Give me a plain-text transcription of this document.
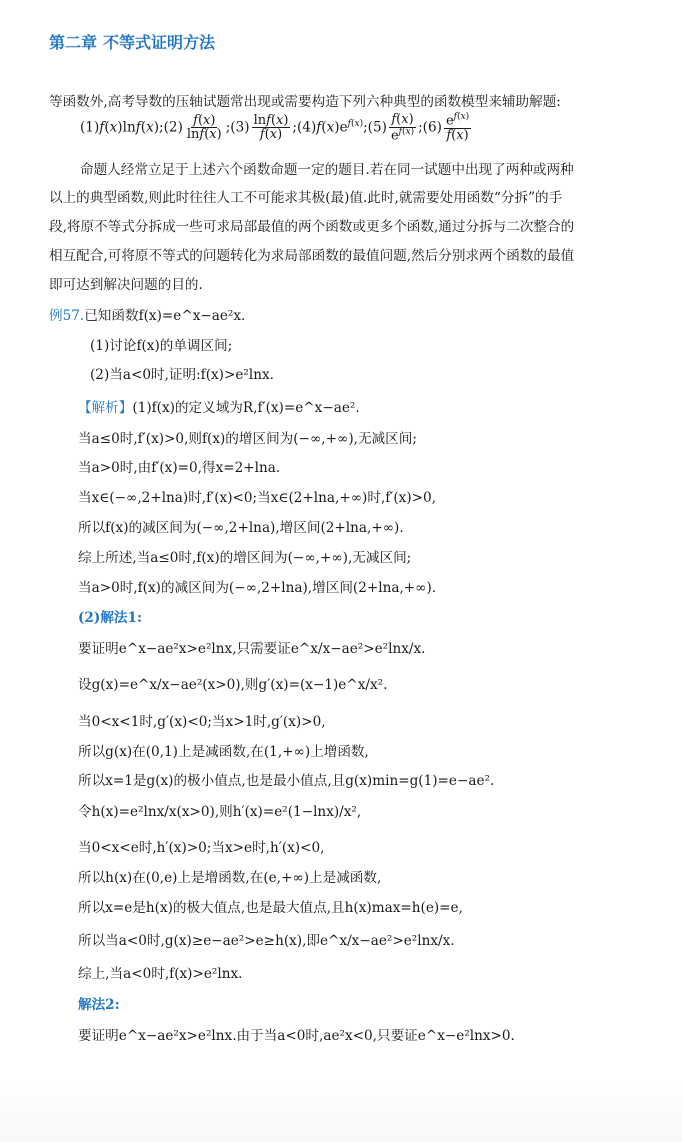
第二章 不等式证明方法
等函数外,高考导数的压轴试题常出现或需要构造下列六种典型的函数模型来辅助解题:
(1)f(x)lnf(x);(2) $\frac{f(x)}{\ln f(x)}$ ;(3) $\frac{\ln f(x)}{f(x)}$ $;(4)f(x)e^{f(x)};(5) \frac{f(x)}{e^{f(x)}}$ ;(6) $\frac{e^{f(x)}}{f(x)}$
命题人经常立足于上述六个函数命题一定的题目.若在同一试题中出现了两种或两种
以上的典型函数,则此时往往人工不可能求其极(最)值.此时,就需要处用函数“分拆”的手
段,将原不等式分拆成一些可求局部最值的两个函数或更多个函数,通过分拆与二次整合的
相互配合,可将原不等式的问题转化为求局部函数的最值问题,然后分别求两个函数的最值
即可达到解决问题的目的.
例57.已知函数f(x)=e^x−ae²x.
(1)讨论f(x)的单调区间;
(2)当a<0时,证明:f(x)>e²lnx.
【解析】(1)f(x)的定义域为R,f′(x)=e^x−ae².
当a≤0时,f′(x)>0,则f(x)的增区间为(−∞,+∞),无减区间;
当a>0时,由f′(x)=0,得x=2+lna.
当x∈(−∞,2+lna)时,f′(x)<0;当x∈(2+lna,+∞)时,f′(x)>0,
所以f(x)的减区间为(−∞,2+lna),增区间(2+lna,+∞).
综上所述,当a≤0时,f(x)的增区间为(−∞,+∞),无减区间;
当a>0时,f(x)的减区间为(−∞,2+lna),增区间(2+lna,+∞).
(2)解法1:
要证明e^x−ae²x>e²lnx,只需要证e^x/x−ae²>e²lnx/x.
设g(x)=e^x/x−ae²(x>0),则g′(x)=(x−1)e^x/x².
当0<x<1时,g′(x)<0;当x>1时,g′(x)>0,
所以g(x)在(0,1)上是减函数,在(1,+∞)上增函数,
所以x=1是g(x)的极小值点,也是最小值点,且g(x)min=g(1)=e−ae².
令h(x)=e²lnx/x(x>0),则h′(x)=e²(1−lnx)/x²,
当0<x<e时,h′(x)>0;当x>e时,h′(x)<0,
所以h(x)在(0,e)上是增函数,在(e,+∞)上是减函数,
所以x=e是h(x)的极大值点,也是最大值点,且h(x)max=h(e)=e,
所以当a<0时,g(x)≥e−ae²>e≥h(x),即e^x/x−ae²>e²lnx/x.
综上,当a<0时,f(x)>e²lnx.
解法2:
要证明e^x−ae²x>e²lnx.由于当a<0时,ae²x<0,只要证e^x−e²lnx>0.
